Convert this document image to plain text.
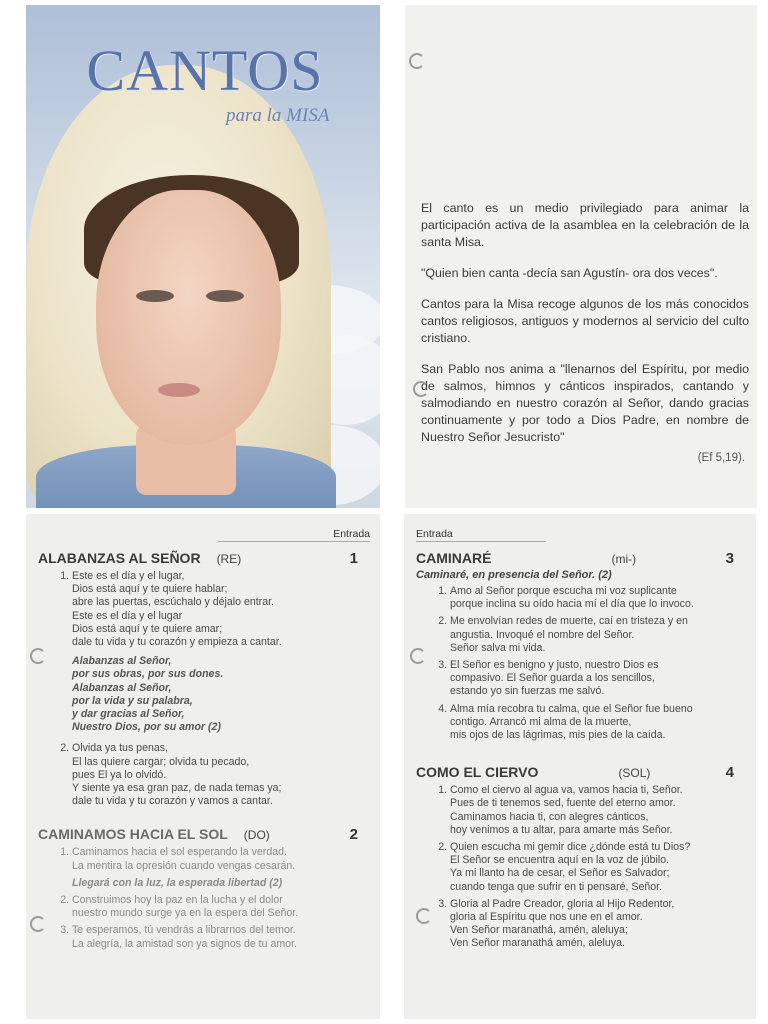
CANTOS
para la MISA

El canto es un medio privilegiado para animar la participación activa de la asamblea en la celebración de la santa Misa.

"Quien bien canta -decía san Agustín- ora dos veces".

Cantos para la Misa recoge algunos de los más conocidos cantos religiosos, antiguos y modernos al servicio del culto cristiano.

San Pablo nos anima a "llenarnos del Espíritu, por medio de salmos, himnos y cánticos inspirados, cantando y salmodiando en nuestro corazón al Señor, dando gracias continuamente y por todo a Dios Padre, en nombre de Nuestro Señor Jesucristo"

(Ef 5,19).

Entrada
ALABANZAS AL SEÑOR (RE)	1
1. Este es el día y el lugar,
Dios está aquí y te quiere hablar;
abre las puertas, escúchalo y déjalo entrar.
Este es el día y el lugar
Dios está aquí y te quiere amar;
dale tu vida y tu corazón y empieza a cantar.
Alabanzas al Señor,
por sus obras, por sus dones.
Alabanzas al Señor,
por la vida y su palabra,
y dar gracias al Señor,
Nuestro Dios, por su amor (2)
2. Olvida ya tus penas,
El las quiere cargar; olvida tu pecado,
pues El ya lo olvidó.
Y siente ya esa gran paz, de nada temas ya;
dale tu vida y tu corazón y vamos a cantar.
CAMINAMOS HACIA EL SOL (DO)	2
1. Caminamos hacia el sol esperando la verdad.
La mentira la opresión cuando vengas cesarán.
Llegará con la luz, la esperada libertad (2)
2. Construimos hoy la paz en la lucha y el dolor
nuestro mundo surge ya en la espera del Señor.
3. Te esperamos, tú vendrás a librarnos del temor.
La alegría, la amistad son ya signos de tu amor.
Entrada
CAMINARÉ	(mi-)	3
Caminaré, en presencia del Señor. (2)
1. Amo al Señor porque escucha mi voz suplicante
porque inclina su oído hacia mí el día que lo invoco.
2. Me envolvían redes de muerte, caí en tristeza y en
angustia. Invoqué el nombre del Señor.
Señor salva mi vida.
3. El Señor es benigno y justo, nuestro Dios es
compasivo. El Señor guarda a los sencillos,
estando yo sin fuerzas me salvó.
4. Alma mía recobra tu calma, que el Señor fue bueno
contigo. Arrancó mi alma de la muerte,
mis ojos de las lágrimas, mis pies de la caída.
COMO EL CIERVO	(SOL)	4
1. Como el ciervo al agua va, vamos hacia ti, Señor.
Pues de ti tenemos sed, fuente del eterno amor.
Caminamos hacia ti, con alegres cánticos,
hoy venimos a tu altar, para amarte más Señor.
2. Quien escucha mi gemir dice ¿dónde está tu Dios?
El Señor se encuentra aquí en la voz de júbilo.
Ya mi llanto ha de cesar, el Señor es Salvador;
cuando tenga que sufrir en ti pensaré, Señor.
3. Gloria al Padre Creador, gloria al Hijo Redentor,
gloria al Espíritu que nos une en el amor.
Ven Señor maranathá, amén, aleluya;
Ven Señor maranathá amén, aleluya.
